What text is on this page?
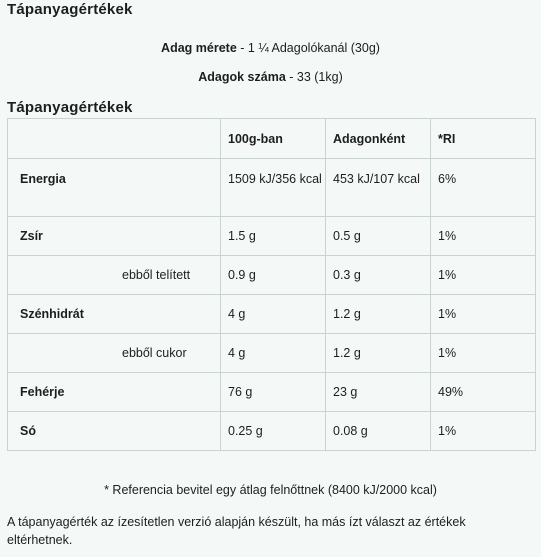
Tápanyagértékek
Adag mérete - 1 ¼ Adagolókanál (30g)
Adagok száma - 33 (1kg)
Tápanyagértékek
	100g-ban	Adagonként	*RI
Energia	1509 kJ/356 kcal	453 kJ/107 kcal	6%
Zsír	1.5 g	0.5 g	1%
ebből telített	0.9 g	0.3 g	1%
Szénhidrát	4 g	1.2 g	1%
ebből cukor	4 g	1.2 g	1%
Fehérje	76 g	23 g	49%
Só	0.25 g	0.08 g	1%
* Referencia bevitel egy átlag felnőttnek (8400 kJ/2000 kcal)
A tápanyagérték az ízesítetlen verzió alapján készült, ha más ízt választ az értékek eltérhetnek.
